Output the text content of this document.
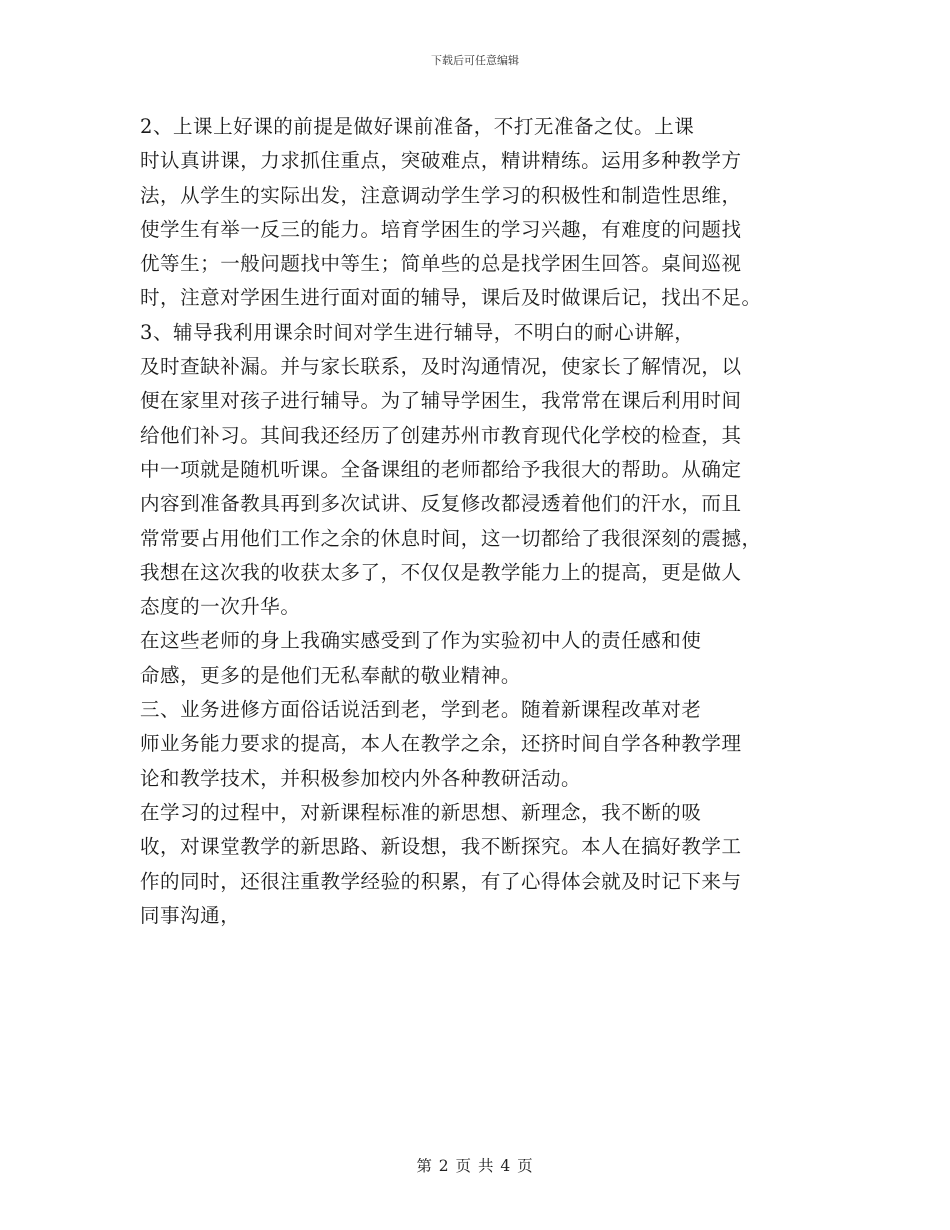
下载后可任意编辑
2、上课上好课的前提是做好课前准备，不打无准备之仗。上课
时认真讲课，力求抓住重点，突破难点，精讲精练。运用多种教学方
法，从学生的实际出发，注意调动学生学习的积极性和制造性思维，
使学生有举一反三的能力。培育学困生的学习兴趣，有难度的问题找
优等生；一般问题找中等生；简单些的总是找学困生回答。桌间巡视
时，注意对学困生进行面对面的辅导，课后及时做课后记，找出不足。
3、辅导我利用课余时间对学生进行辅导，不明白的耐心讲解，
及时查缺补漏。并与家长联系，及时沟通情况，使家长了解情况，以
便在家里对孩子进行辅导。为了辅导学困生，我常常在课后利用时间
给他们补习。其间我还经历了创建苏州市教育现代化学校的检查，其
中一项就是随机听课。全备课组的老师都给予我很大的帮助。从确定
内容到准备教具再到多次试讲、反复修改都浸透着他们的汗水，而且
常常要占用他们工作之余的休息时间，这一切都给了我很深刻的震撼，
我想在这次我的收获太多了，不仅仅是教学能力上的提高，更是做人
态度的一次升华。
在这些老师的身上我确实感受到了作为实验初中人的责任感和使
命感，更多的是他们无私奉献的敬业精神。
三、业务进修方面俗话说活到老，学到老。随着新课程改革对老
师业务能力要求的提高，本人在教学之余，还挤时间自学各种教学理
论和教学技术，并积极参加校内外各种教研活动。
在学习的过程中，对新课程标准的新思想、新理念，我不断的吸
收，对课堂教学的新思路、新设想，我不断探究。本人在搞好教学工
作的同时，还很注重教学经验的积累，有了心得体会就及时记下来与
同事沟通，
第 2 页 共 4 页
